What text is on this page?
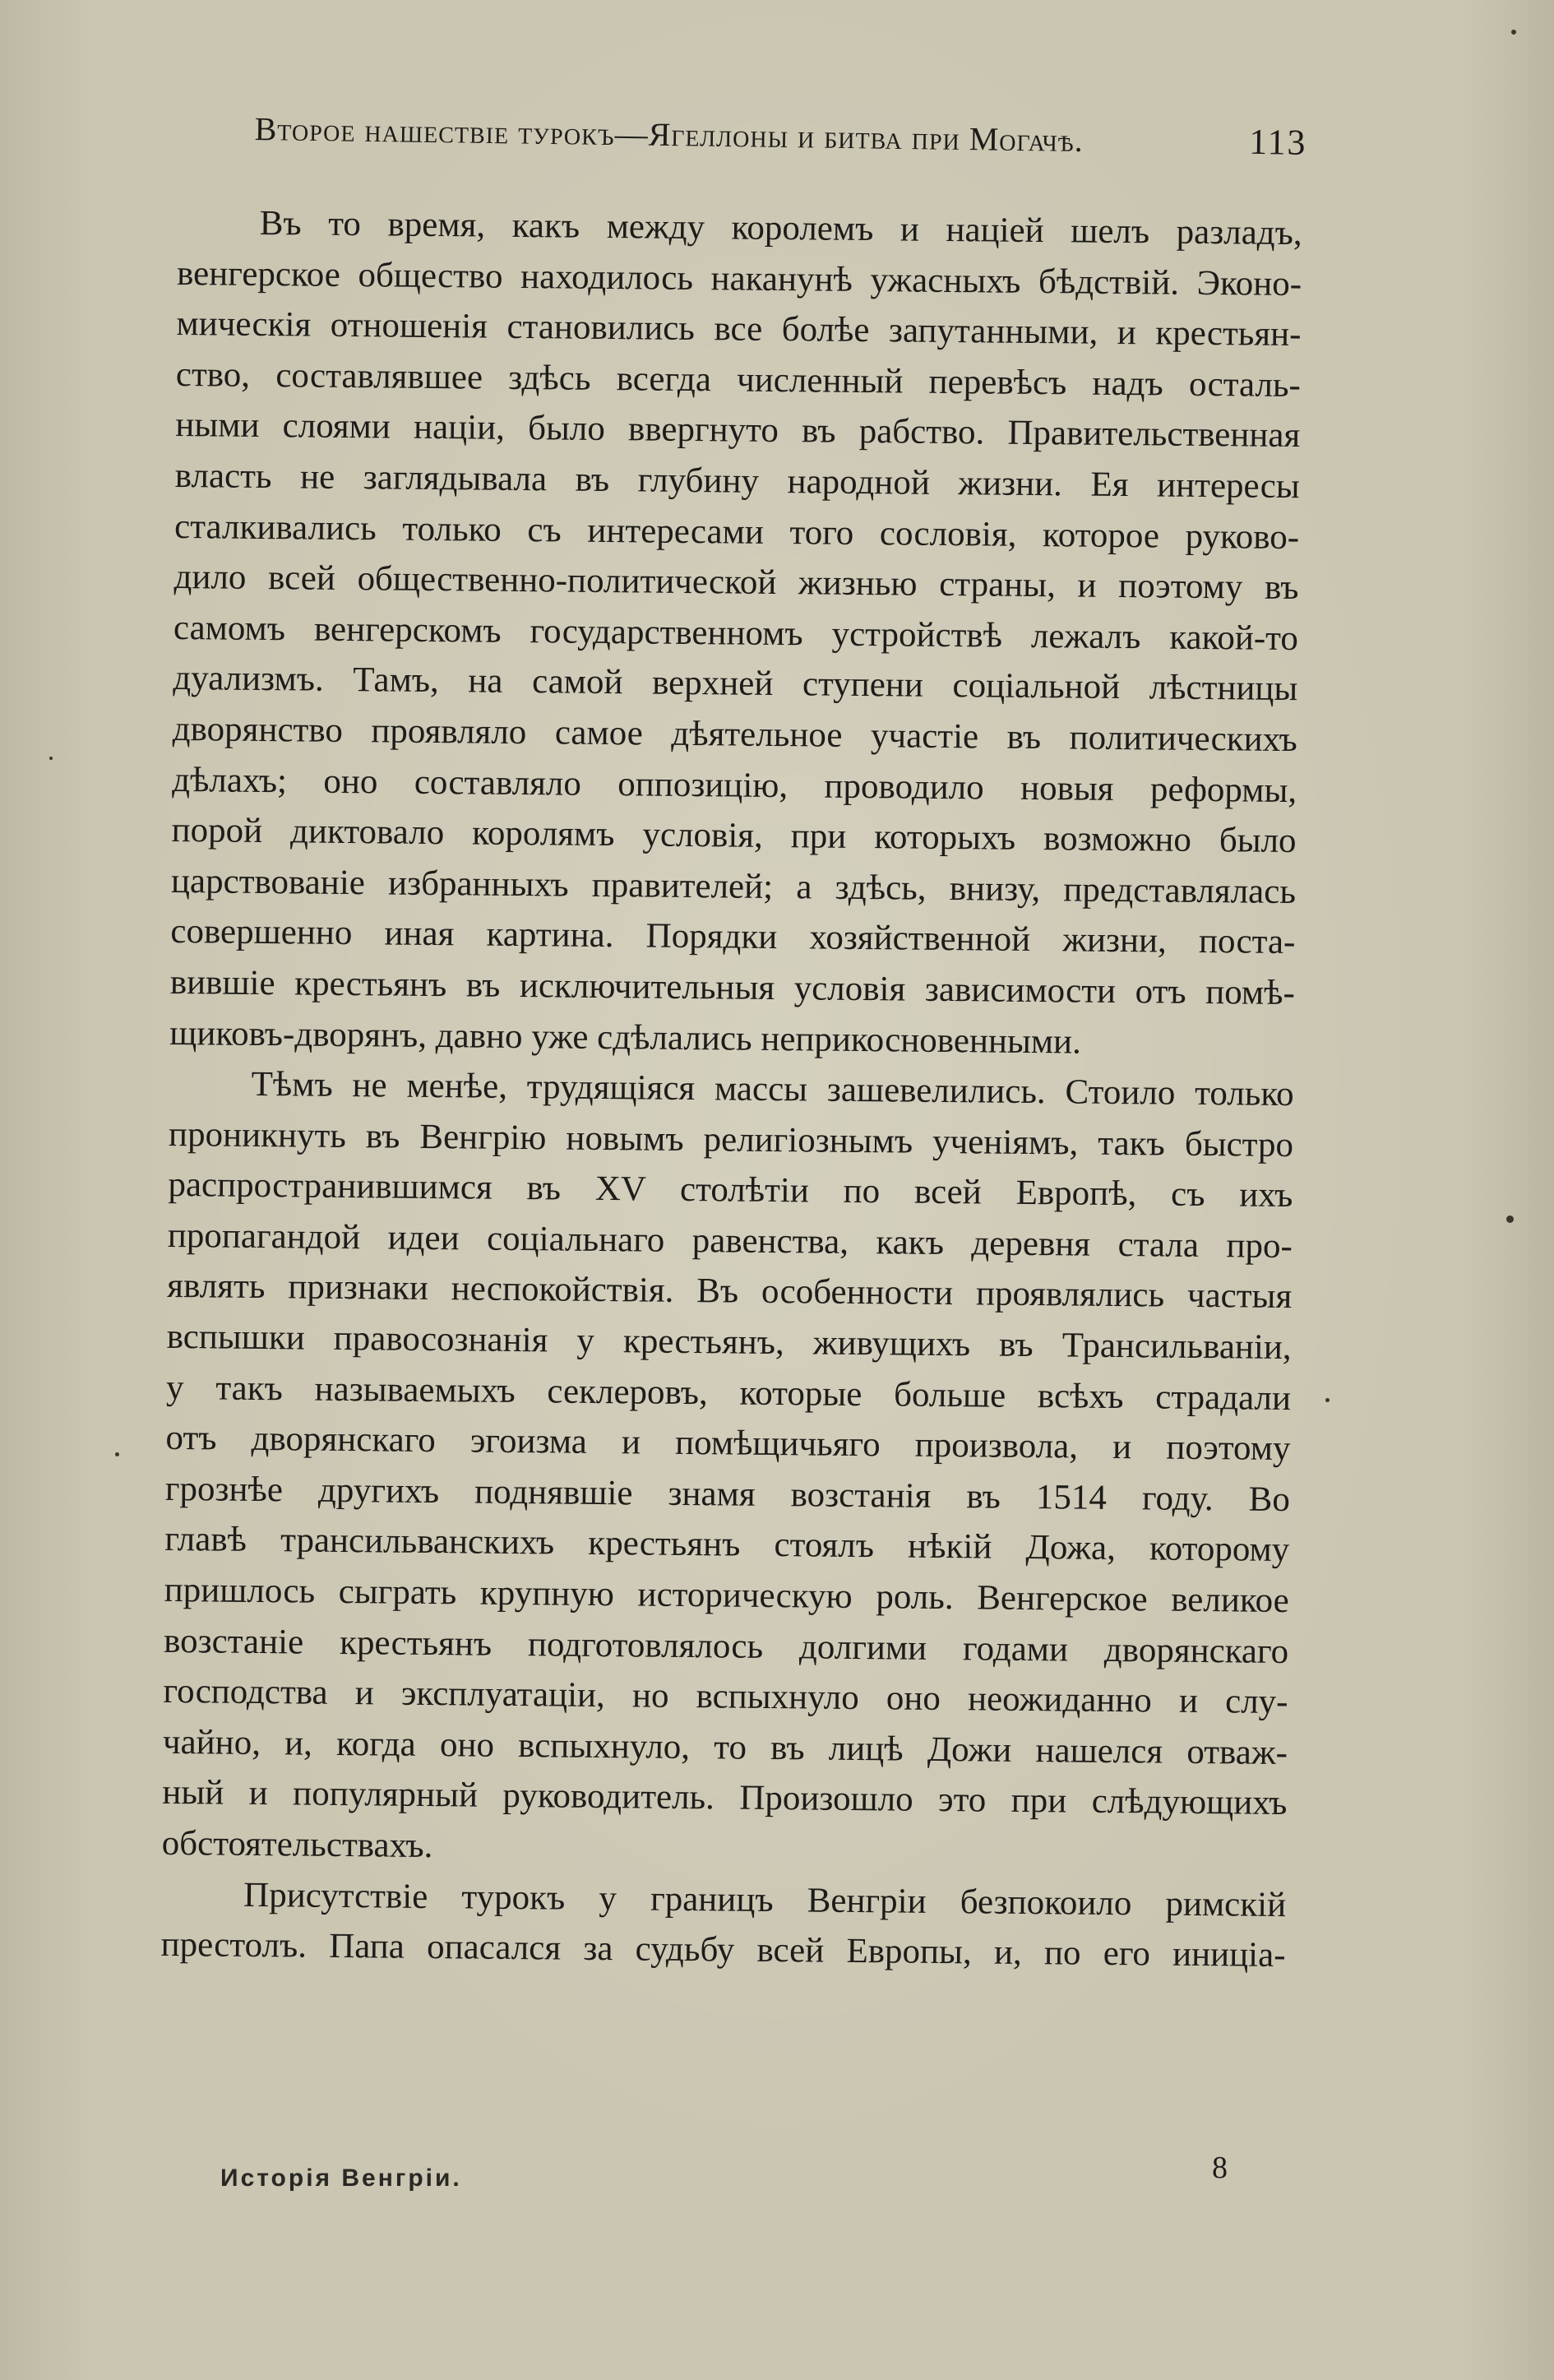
Второе нашествіе турокъ—Ягеллоны и битва при Могачѣ.	113
Въ то время, какъ между королемъ и націей шелъ разладъ,
венгерское общество находилось наканунѣ ужасныхъ бѣдствій. Эконо-
мическія отношенія становились все болѣе запутанными, и крестьян-
ство, составлявшее здѣсь всегда численный перевѣсъ надъ осталь-
ными слоями націи, было ввергнуто въ рабство. Правительственная
власть не заглядывала въ глубину народной жизни. Ея интересы
сталкивались только съ интересами того сословія, которое руково-
дило всей общественно-политической жизнью страны, и поэтому въ
самомъ венгерскомъ государственномъ устройствѣ лежалъ какой-то
дуализмъ. Тамъ, на самой верхней ступени соціальной лѣстницы
дворянство проявляло самое дѣятельное участіе въ политическихъ
дѣлахъ; оно составляло оппозицію, проводило новыя реформы,
порой диктовало королямъ условія, при которыхъ возможно было
царствованіе избранныхъ правителей; а здѣсь, внизу, представлялась
совершенно иная картина. Порядки хозяйственной жизни, поста-
вившіе крестьянъ въ исключительныя условія зависимости отъ помѣ-
щиковъ-дворянъ, давно уже сдѣлались неприкосновенными.
Тѣмъ не менѣе, трудящіяся массы зашевелились. Стоило только
проникнуть въ Венгрію новымъ религіознымъ ученіямъ, такъ быстро
распространившимся въ XV столѣтіи по всей Европѣ, съ ихъ
пропагандой идеи соціальнаго равенства, какъ деревня стала про-
являть признаки неспокойствія. Въ особенности проявлялись частыя
вспышки правосознанія у крестьянъ, живущихъ въ Трансильваніи,
у такъ называемыхъ секлеровъ, которые больше всѣхъ страдали
отъ дворянскаго эгоизма и помѣщичьяго произвола, и поэтому
грознѣе другихъ поднявшіе знамя возстанія въ 1514 году. Во
главѣ трансильванскихъ крестьянъ стоялъ нѣкій Дожа, которому
пришлось сыграть крупную историческую роль. Венгерское великое
возстаніе крестьянъ подготовлялось долгими годами дворянскаго
господства и эксплуатаціи, но вспыхнуло оно неожиданно и слу-
чайно, и, когда оно вспыхнуло, то въ лицѣ Дожи нашелся отваж-
ный и популярный руководитель. Произошло это при слѣдующихъ
обстоятельствахъ.
Присутствіе турокъ у границъ Венгріи безпокоило римскій
престолъ. Папа опасался за судьбу всей Европы, и, по его иниціа-
8
Исторія Венгріи.
